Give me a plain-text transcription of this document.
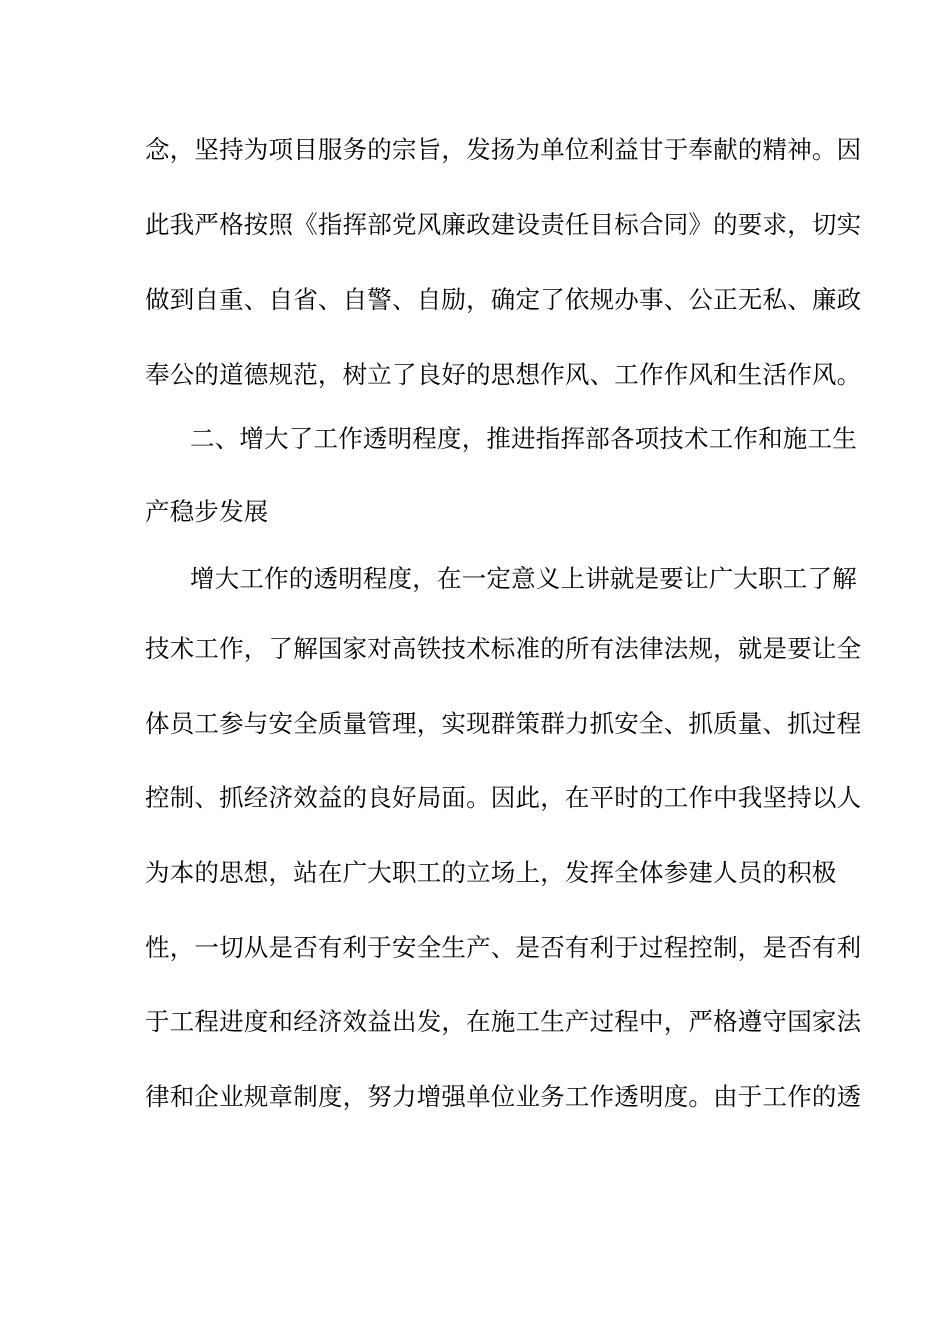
念，坚持为项目服务的宗旨，发扬为单位利益甘于奉献的精神。因
此我严格按照《指挥部党风廉政建设责任目标合同》的要求，切实
做到自重、自省、自警、自励，确定了依规办事、公正无私、廉政
奉公的道德规范，树立了良好的思想作风、工作作风和生活作风。
二、增大了工作透明程度，推进指挥部各项技术工作和施工生
产稳步发展
增大工作的透明程度，在一定意义上讲就是要让广大职工了解
技术工作，了解国家对高铁技术标准的所有法律法规，就是要让全
体员工参与安全质量管理，实现群策群力抓安全、抓质量、抓过程
控制、抓经济效益的良好局面。因此，在平时的工作中我坚持以人
为本的思想，站在广大职工的立场上，发挥全体参建人员的积极
性，一切从是否有利于安全生产、是否有利于过程控制，是否有利
于工程进度和经济效益出发，在施工生产过程中，严格遵守国家法
律和企业规章制度，努力增强单位业务工作透明度。由于工作的透
